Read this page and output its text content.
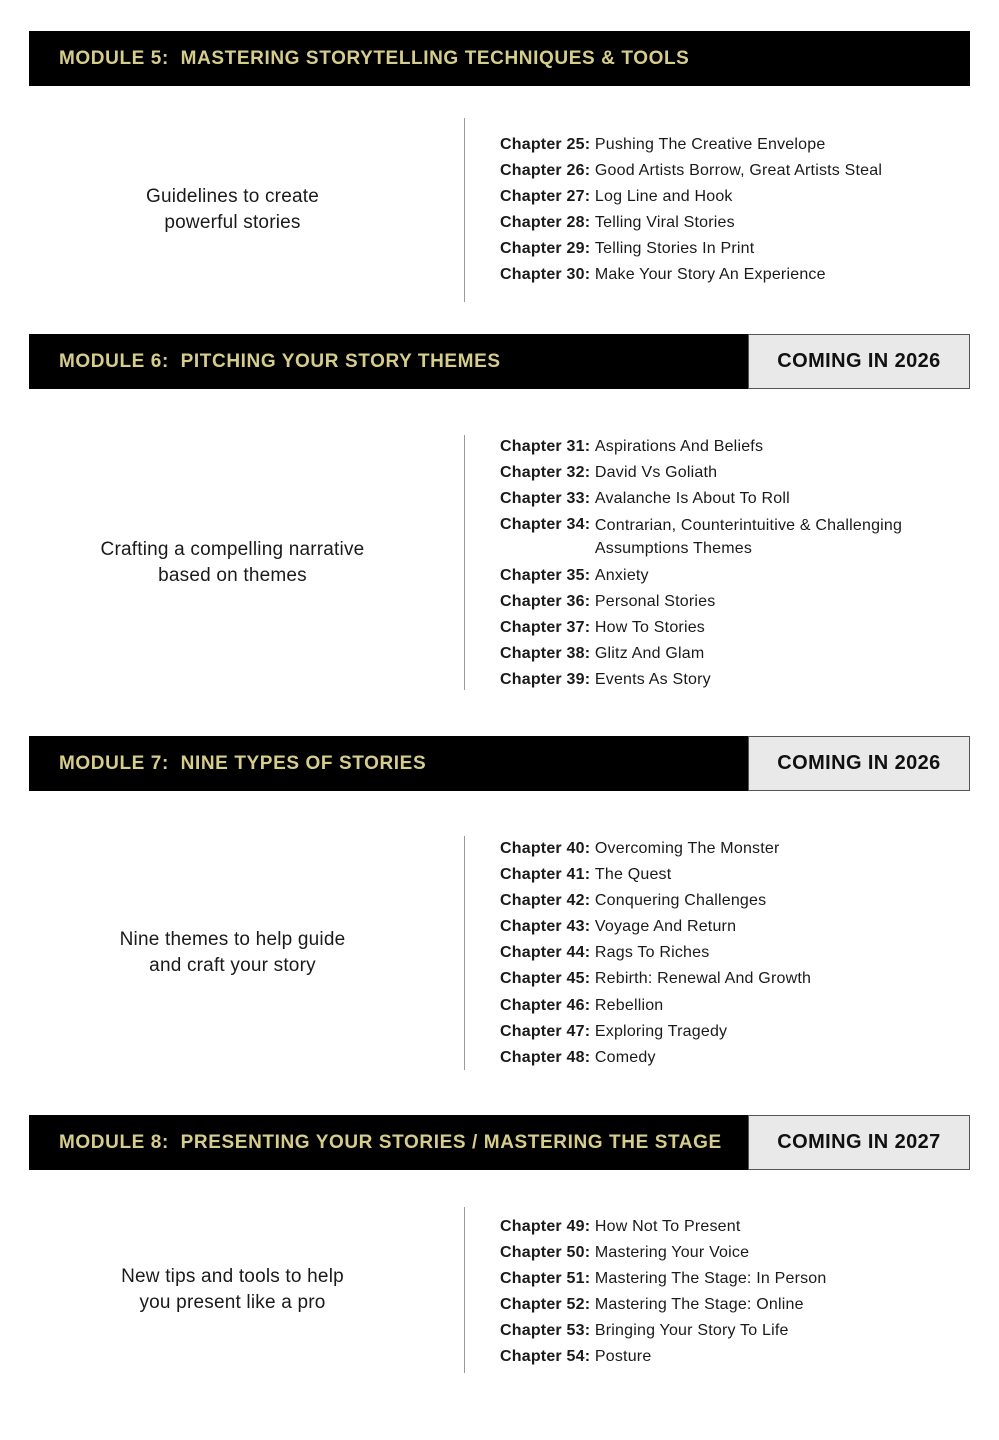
MODULE 5:  MASTERING STORYTELLING TECHNIQUES & TOOLS
Guidelines to create
powerful stories
Chapter 25:
Pushing The Creative Envelope
Chapter 26:
Good Artists Borrow, Great Artists Steal
Chapter 27:
Log Line and Hook
Chapter 28:
Telling Viral Stories
Chapter 29:
Telling Stories In Print
Chapter 30:
Make Your Story An Experience
MODULE 6:  PITCHING YOUR STORY THEMES	COMING IN 2026
Crafting a compelling narrative
based on themes
Chapter 31:
Aspirations And Beliefs
Chapter 32:
David Vs Goliath
Chapter 33:
Avalanche Is About To Roll
Chapter 34:
Contrarian, Counterintuitive & Challenging
Assumptions Themes
Chapter 35:
Anxiety
Chapter 36:
Personal Stories
Chapter 37:
How To Stories
Chapter 38:
Glitz And Glam
Chapter 39:
Events As Story
MODULE 7:  NINE TYPES OF STORIES	COMING IN 2026
Nine themes to help guide
and craft your story
Chapter 40:
Overcoming The Monster
Chapter 41:
The Quest
Chapter 42:
Conquering Challenges
Chapter 43:
Voyage And Return
Chapter 44:
Rags To Riches
Chapter 45:
Rebirth: Renewal And Growth
Chapter 46:
Rebellion
Chapter 47:
Exploring Tragedy
Chapter 48:
Comedy
MODULE 8:  PRESENTING YOUR STORIES / MASTERING THE STAGE	COMING IN 2027
New tips and tools to help
you present like a pro
Chapter 49:
How Not To Present
Chapter 50:
Mastering Your Voice
Chapter 51:
Mastering The Stage: In Person
Chapter 52:
Mastering The Stage: Online
Chapter 53:
Bringing Your Story To Life
Chapter 54:
Posture
